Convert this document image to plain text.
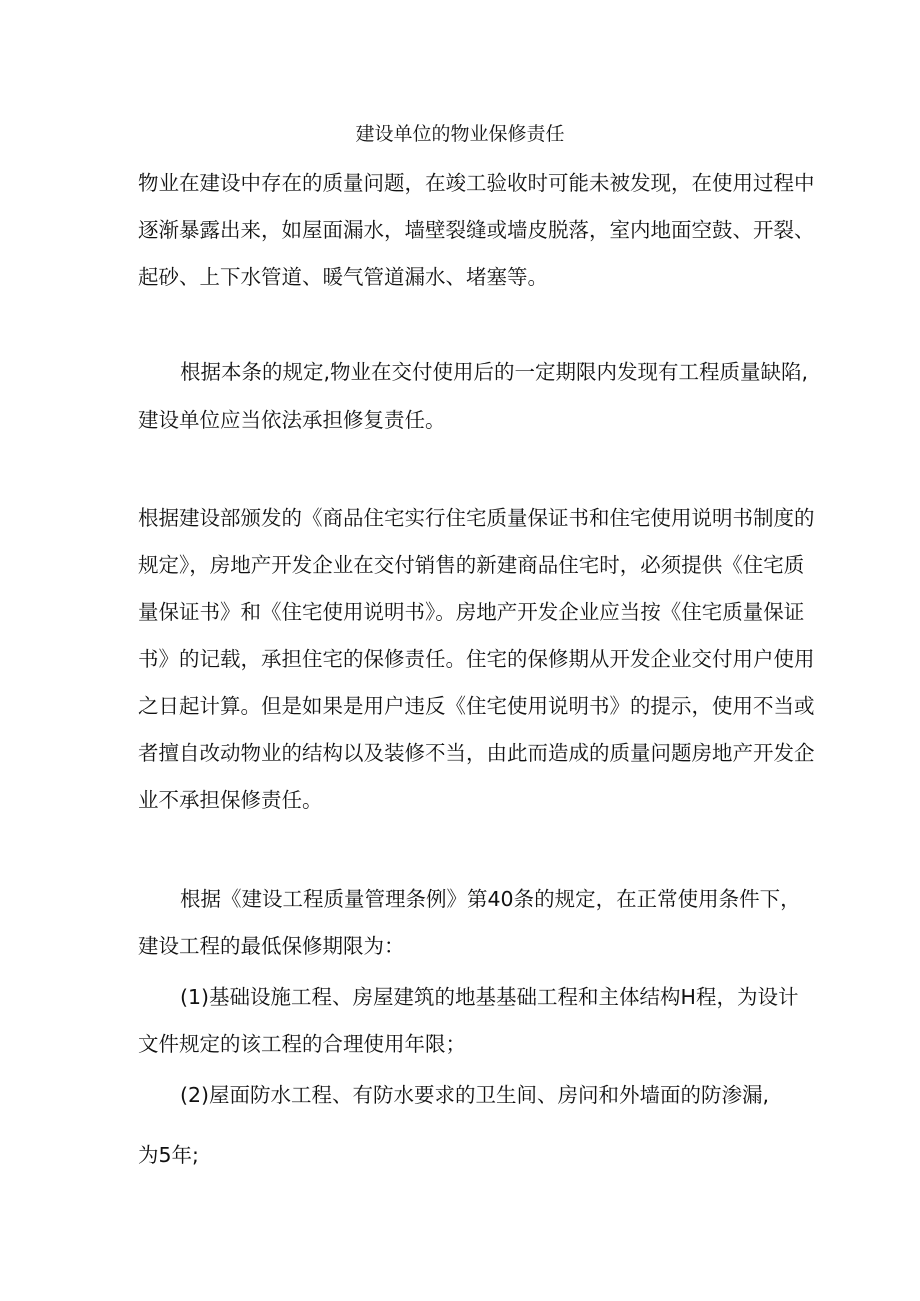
建设单位的物业保修责任
物业在建设中存在的质量问题，在竣工验收时可能未被发现，在使用过程中
逐渐暴露出来，如屋面漏水，墙壁裂缝或墙皮脱落，室内地面空鼓、开裂、
起砂、上下水管道、暖气管道漏水、堵塞等。
根据本条的规定,物业在交付使用后的一定期限内发现有工程质量缺陷,
建设单位应当依法承担修复责任。
根据建设部颁发的《商品住宅实行住宅质量保证书和住宅使用说明书制度的
规定》，房地产开发企业在交付销售的新建商品住宅时，必须提供《住宅质
量保证书》和《住宅使用说明书》。房地产开发企业应当按《住宅质量保证
书》的记载，承担住宅的保修责任。住宅的保修期从开发企业交付用户使用
之日起计算。但是如果是用户违反《住宅使用说明书》的提示，使用不当或
者擅自改动物业的结构以及装修不当，由此而造成的质量问题房地产开发企
业不承担保修责任。
根据《建设工程质量管理条例》第40条的规定，在正常使用条件下，
建设工程的最低保修期限为：
(1)基础设施工程、房屋建筑的地基基础工程和主体结构H程，为设计
文件规定的该工程的合理使用年限；
(2)屋面防水工程、有防水要求的卫生间、房问和外墙面的防渗漏,
为5年;
